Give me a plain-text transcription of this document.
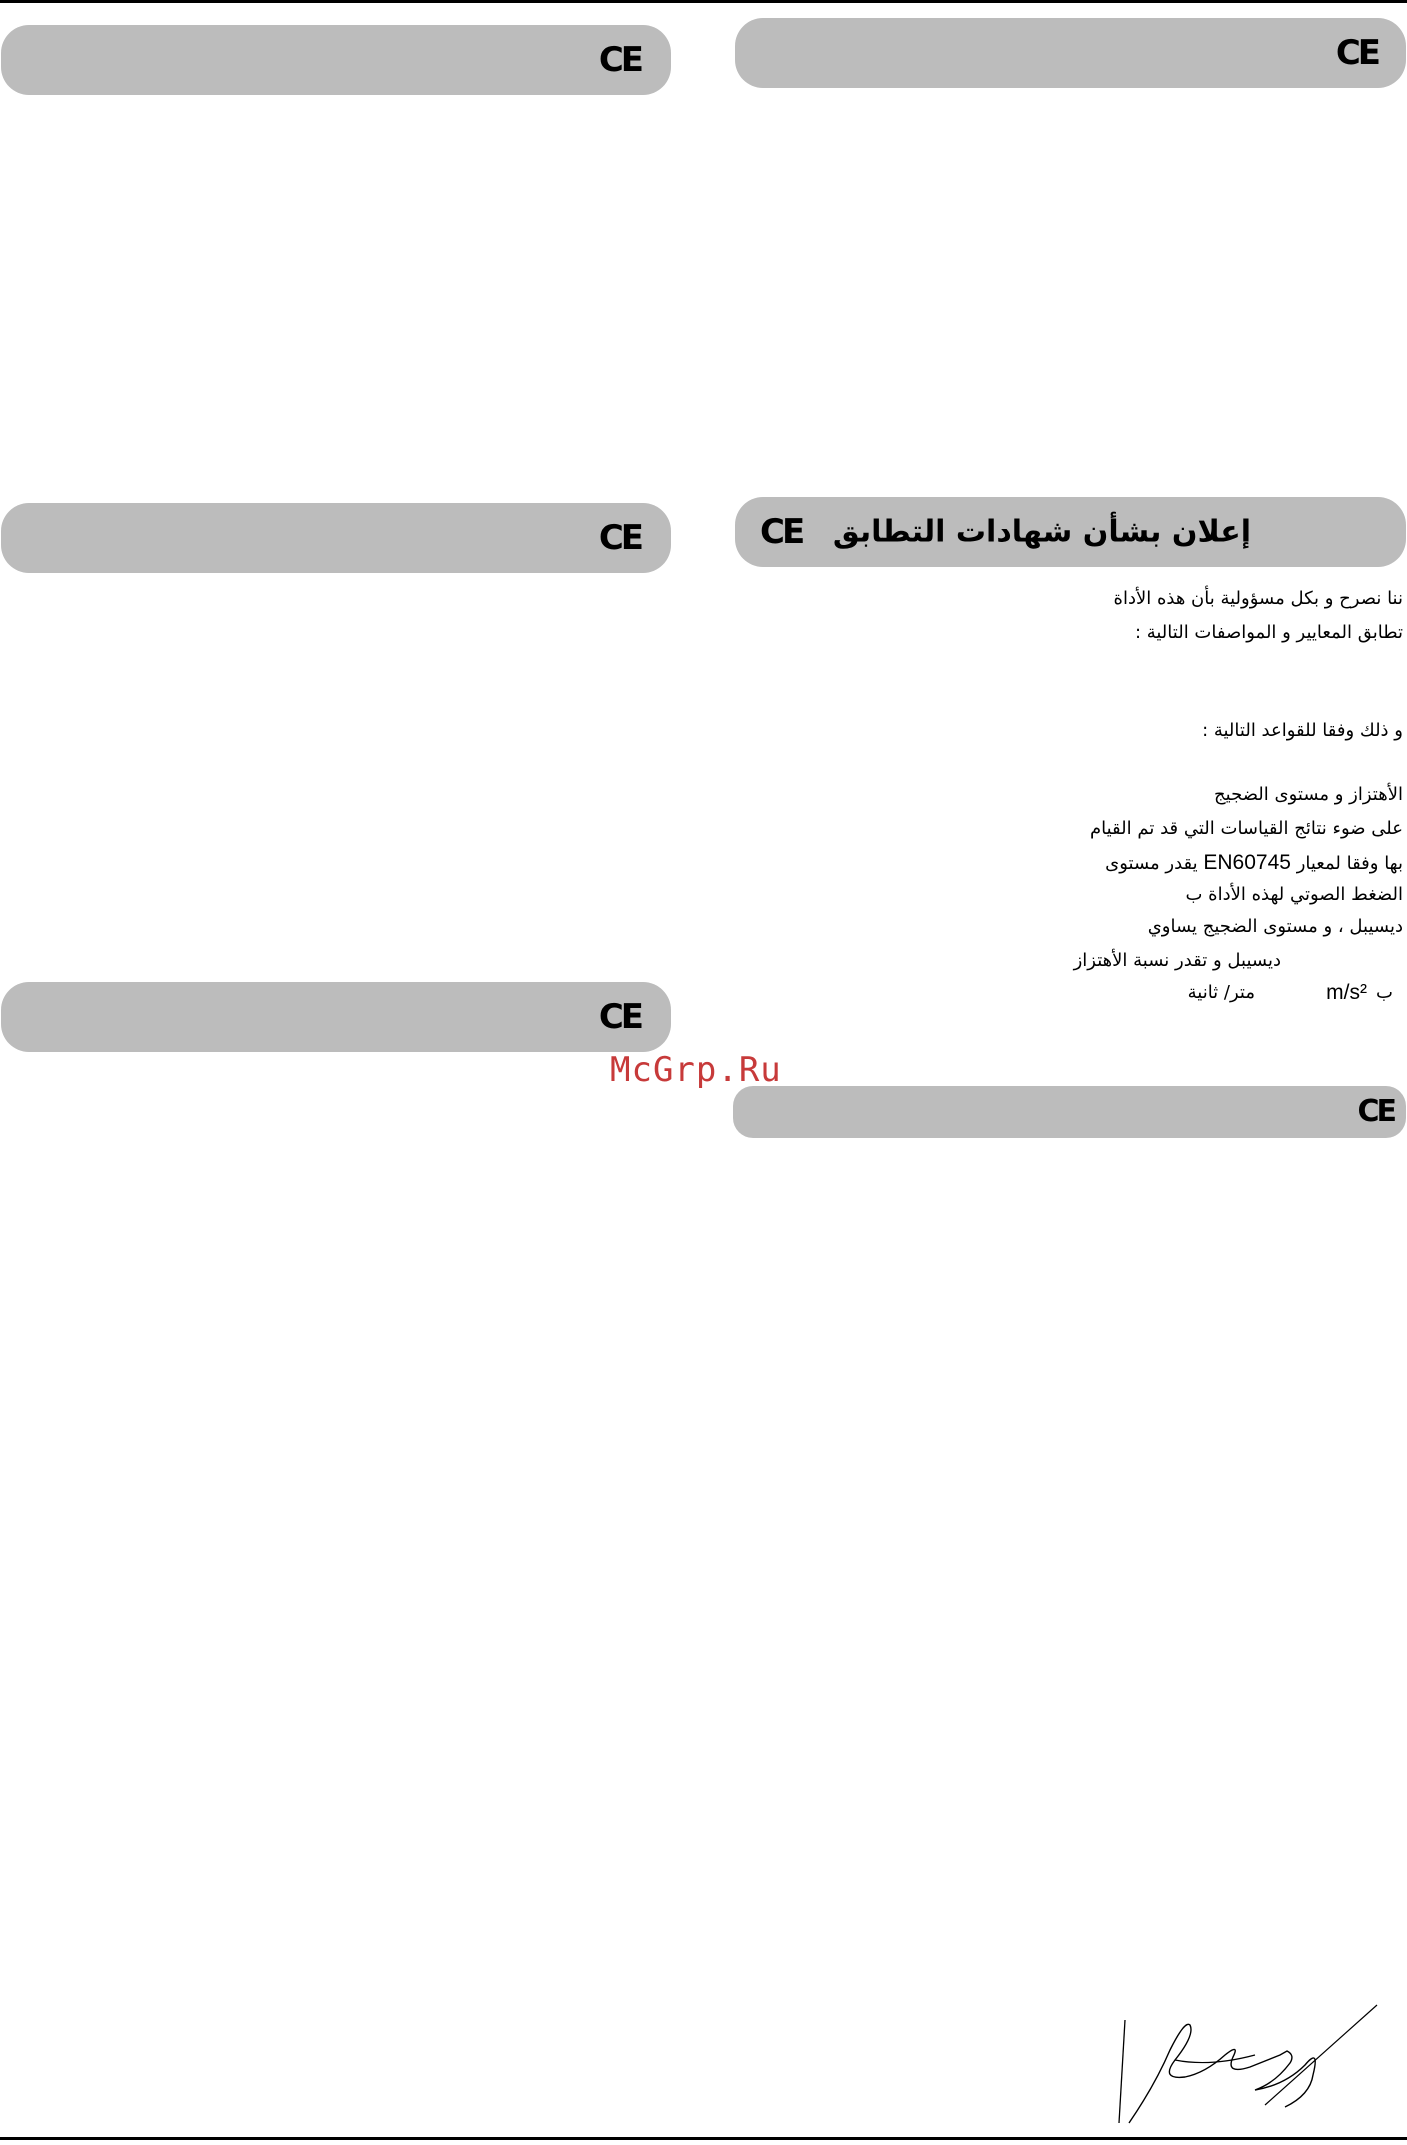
CE
CE
CE
CE
إعلان بشأن شهادات التطابق
CE
ننا نصرح و بكل مسؤولية بأن هذه الأداة
تطابق المعايير و المواصفات التالية :
و ذلك وفقا للقواعد التالية :
الأهتزاز و مستوى الضجيج
على ضوء نتائج القياسات التي قد تم القيام
بها وفقا لمعيار EN60745 يقدر مستوى
الضغط الصوتي لهذه الأداة ب
ديسيبل ، و مستوى الضجيج يساوي
ديسيبل و تقدر نسبة الأهتزاز
ب
m/s²
متر/ ثانية
CE
McGrp.Ru
